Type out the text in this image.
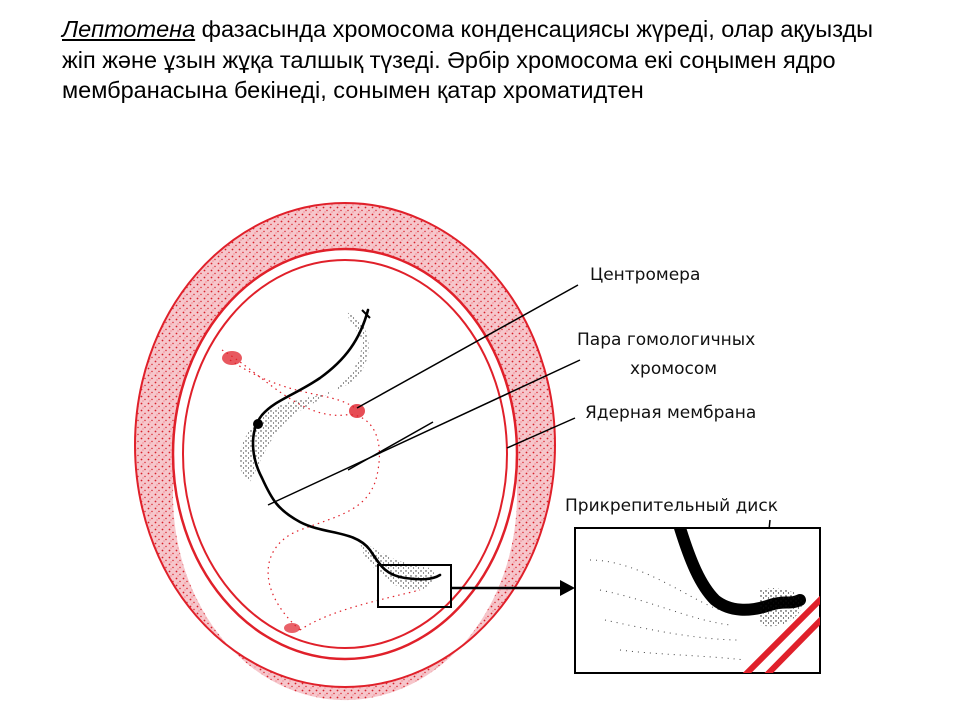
Лептотена фазасында хромосома конденсациясы жүреді, олар ақуызды жіп және ұзын жұқа талшық түзеді. Әрбір хромосома екі соңымен ядро мембранасына бекінеді, сонымен қатар хроматидтен

Центромера
Пара гомологичных
хромосом
Ядерная мембрана
Прикрепительный диск
